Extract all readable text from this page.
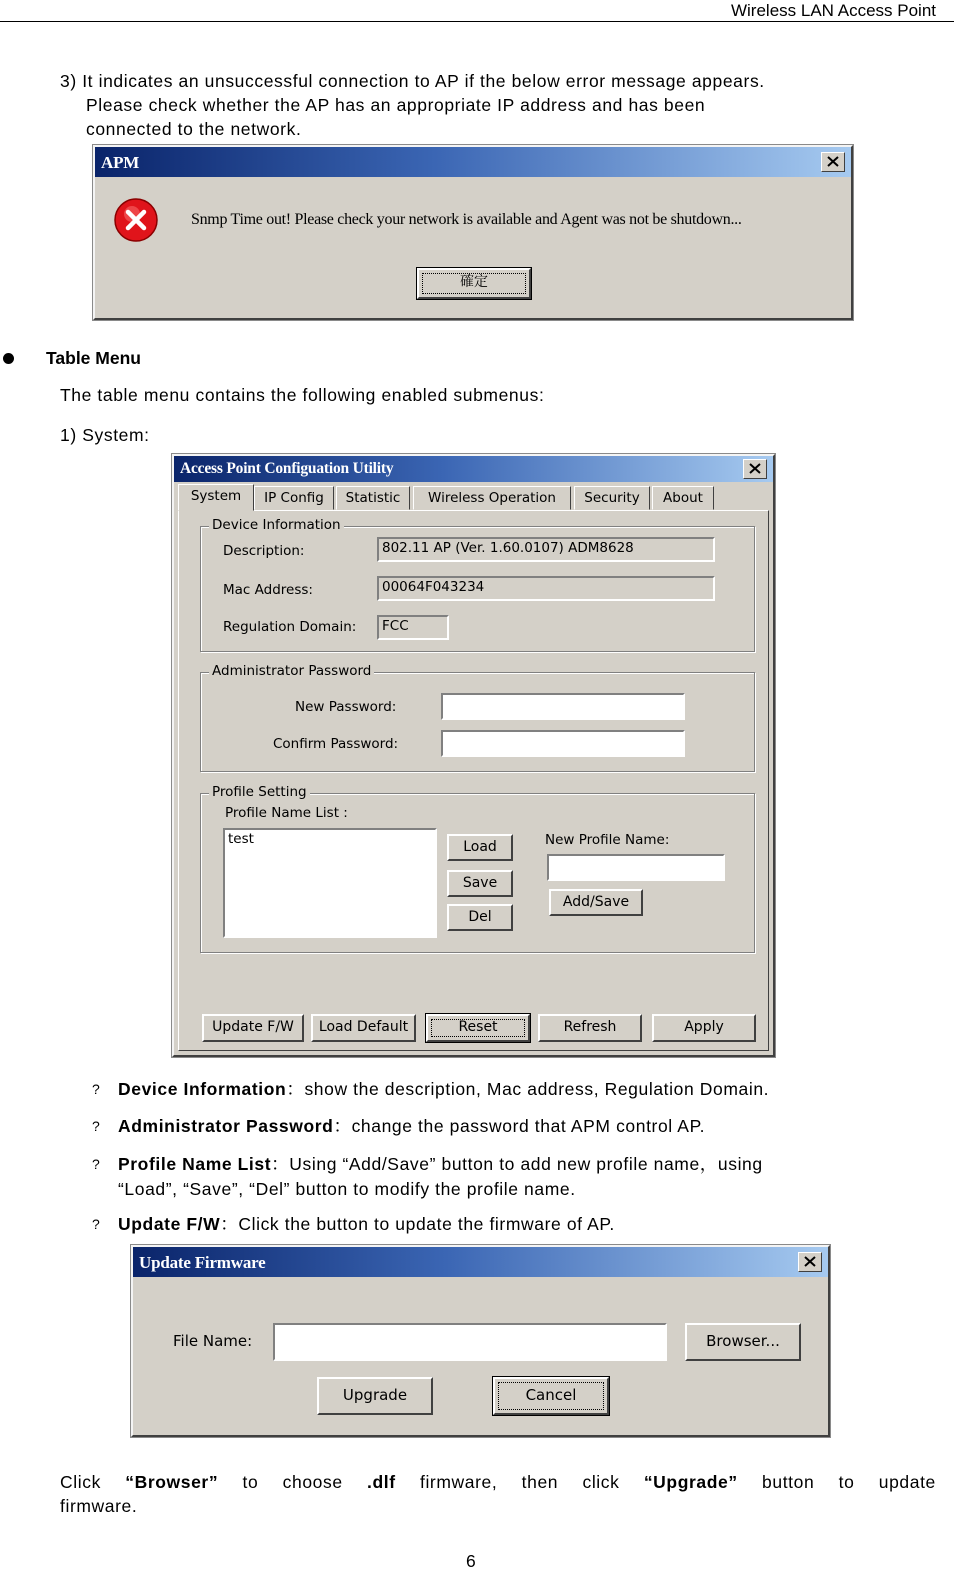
Wireless LAN Access Point
3) It indicates an unsuccessful connection to AP if the below error message appears.
Please check whether the AP has an appropriate IP address and has been
connected to the network.
APM
Snmp Time out! Please check your network is available and Agent was not be shutdown...
確定
Table Menu
The table menu contains the following enabled submenus:
1) System:
Access Point Configuation Utility
System	IP Config	Statistic	Wireless Operation	Security	About
Device Information
Description:	802.11 AP (Ver. 1.60.0107) ADM8628
Mac Address:	00064F043234
Regulation Domain: FCC
Administrator Password
New Password:
Confirm Password:
Profile Setting
Profile Name List :
test	Load
Save
Del
New Profile Name:
Add/Save
Update F/W	Load Default	Reset	Refresh	Apply
? Device Information：show the description, Mac address, Regulation Domain.
? Administrator Password：change the password that APM control AP.
? Profile Name List：Using “Add/Save” button to add new profile name，using
“Load”, “Save”, “Del” button to modify the profile name.
? Update F/W：Click the button to update the firmware of AP.
Update Firmware
File Name:	Browser...
Upgrade	Cancel
Click “Browser” to choose .dlf firmware, then click “Upgrade” button to update
firmware.
6
